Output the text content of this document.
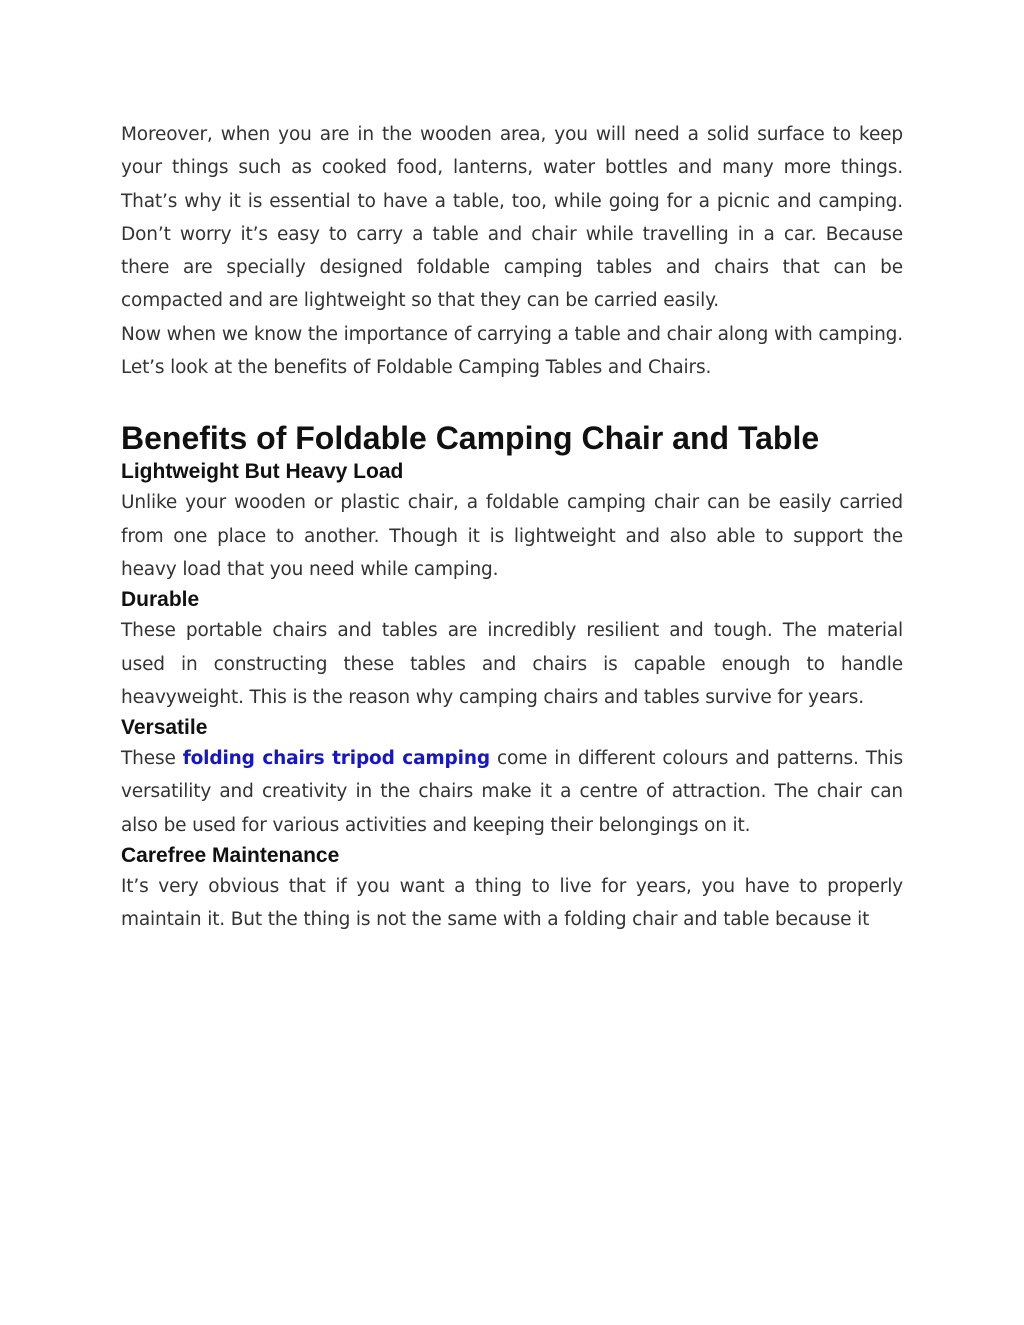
Moreover, when you are in the wooden area, you will need a solid surface to keep your things such as cooked food, lanterns, water bottles and many more things. That’s why it is essential to have a table, too, while going for a picnic and camping. Don’t worry it’s easy to carry a table and chair while travelling in a car. Because there are specially designed foldable camping tables and chairs that can be compacted and are lightweight so that they can be carried easily.

Now when we know the importance of carrying a table and chair along with camping. Let’s look at the benefits of Foldable Camping Tables and Chairs.

Benefits of Foldable Camping Chair and Table
Lightweight But Heavy Load

Unlike your wooden or plastic chair, a foldable camping chair can be easily carried from one place to another. Though it is lightweight and also able to support the heavy load that you need while camping.

Durable

These portable chairs and tables are incredibly resilient and tough. The material used in constructing these tables and chairs is capable enough to handle heavyweight. This is the reason why camping chairs and tables survive for years.

Versatile

These folding chairs tripod camping come in different colours and patterns. This versatility and creativity in the chairs make it a centre of attraction. The chair can also be used for various activities and keeping their belongings on it.

Carefree Maintenance

It’s very obvious that if you want a thing to live for years, you have to properly maintain it. But the thing is not the same with a folding chair and table because it
